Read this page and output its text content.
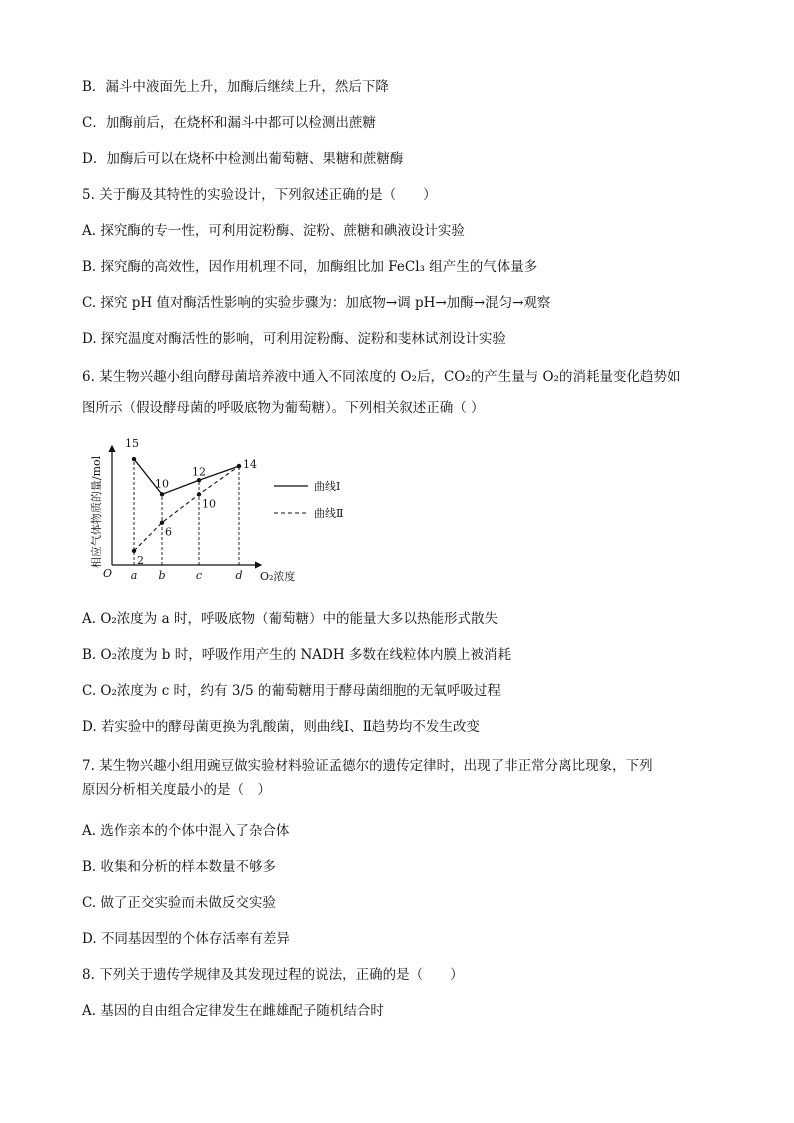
B．漏斗中液面先上升，加酶后继续上升，然后下降
C．加酶前后，在烧杯和漏斗中都可以检测出蔗糖
D．加酶后可以在烧杯中检测出葡萄糖、果糖和蔗糖酶
5. 关于酶及其特性的实验设计，下列叙述正确的是（　　）
A. 探究酶的专一性，可利用淀粉酶、淀粉、蔗糖和碘液设计实验
B. 探究酶的高效性，因作用机理不同，加酶组比加 FeCl₃ 组产生的气体量多
C. 探究 pH 值对酶活性影响的实验步骤为：加底物→调 pH→加酶→混匀→观察
D. 探究温度对酶活性的影响，可利用淀粉酶、淀粉和斐林试剂设计实验
6. 某生物兴趣小组向酵母菌培养液中通入不同浓度的 O₂后，CO₂的产生量与 O₂的消耗量变化趋势如
图所示（假设酵母菌的呼吸底物为葡萄糖）。下列相关叙述正确（ ）
相应气体物质的量/mol
O₂浓度
O a b	c	d
15
10
12
14
2
6
10
曲线Ⅰ
曲线Ⅱ
A. O₂浓度为 a 时，呼吸底物（葡萄糖）中的能量大多以热能形式散失
B. O₂浓度为 b 时，呼吸作用产生的 NADH 多数在线粒体内膜上被消耗
C. O₂浓度为 c 时，约有 3/5 的葡萄糖用于酵母菌细胞的无氧呼吸过程
D. 若实验中的酵母菌更换为乳酸菌，则曲线Ⅰ、Ⅱ趋势均不发生改变
7. 某生物兴趣小组用豌豆做实验材料验证孟德尔的遗传定律时，出现了非正常分离比现象，下列
原因分析相关度最小的是（　）
A. 选作亲本的个体中混入了杂合体
B. 收集和分析的样本数量不够多
C. 做了正交实验而未做反交实验
D. 不同基因型的个体存活率有差异
8. 下列关于遗传学规律及其发现过程的说法，正确的是（　　）
A. 基因的自由组合定律发生在雌雄配子随机结合时
